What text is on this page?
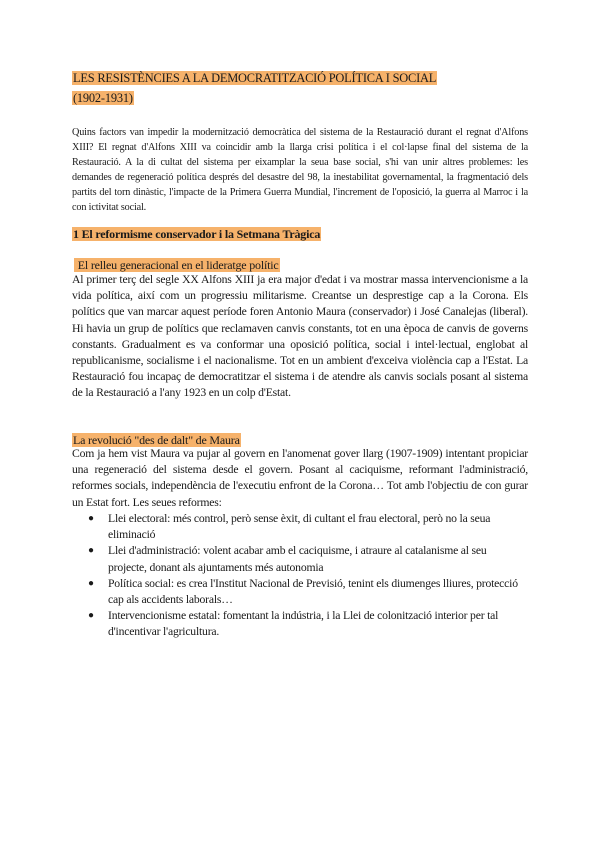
LES RESISTÈNCIES A LA DEMOCRATITZACIÓ POLÍTICA I SOCIAL
(1902-1931)

Quins factors van impedir la modernització democràtica del sistema de la Restauració durant el regnat d'Alfons XIII? El regnat d'Alfons XIII va coincidir amb la llarga crisi política i el col·lapse final del sistema de la Restauració. A la di cultat del sistema per eixamplar la seua base social, s'hi van unir altres problemes: les demandes de regeneració política després del desastre del 98, la inestabilitat governamental, la fragmentació dels partits del torn dinàstic, l'impacte de la Primera Guerra Mundial, l'increment de l'oposició, la guerra al Marroc i la con ictivitat social.

1 El reformisme conservador i la Setmana Tràgica
El relleu generacional en el lideratge polític

Al primer terç del segle XX Alfons XIII ja era major d'edat i va mostrar massa intervencionisme a la vida política, així com un progressiu militarisme. Creantse un desprestige cap a la Corona. Els polítics que van marcar aquest període foren Antonio Maura (conservador) i José Canalejas (liberal). Hi havia un grup de polítics que reclamaven canvis constants, tot en una època de canvis de governs constants. Gradualment es va conformar una oposició política, social i intel·lectual, englobat al republicanisme, socialisme i el nacionalisme. Tot en un ambient d'exceiva violència cap a l'Estat. La Restauració fou incapaç de democratitzar el sistema i de atendre als canvis socials posant al sistema de la Restauració a l'any 1923 en un colp d'Estat.

La revolució "des de dalt" de Maura

Com ja hem vist Maura va pujar al govern en l'anomenat gover llarg (1907-1909) intentant propiciar una regeneració del sistema desde el govern. Posant al caciquisme, reformant l'administració, reformes socials, independència de l'executiu enfront de la Corona… Tot amb l'objectiu de con gurar un Estat fort. Les seues reformes:

● Llei electoral: més control, però sense èxit, di cultant el frau electoral, però no la seua eliminació
● Llei d'administració: volent acabar amb el caciquisme, i atraure al catalanisme al seu projecte, donant als ajuntaments més autonomia
● Política social: es crea l'Institut Nacional de Previsió, tenint els diumenges lliures, protecció cap als accidents laborals…
● Intervencionisme estatal: fomentant la indústria, i la Llei de colonització interior per tal d'incentivar l'agricultura.
